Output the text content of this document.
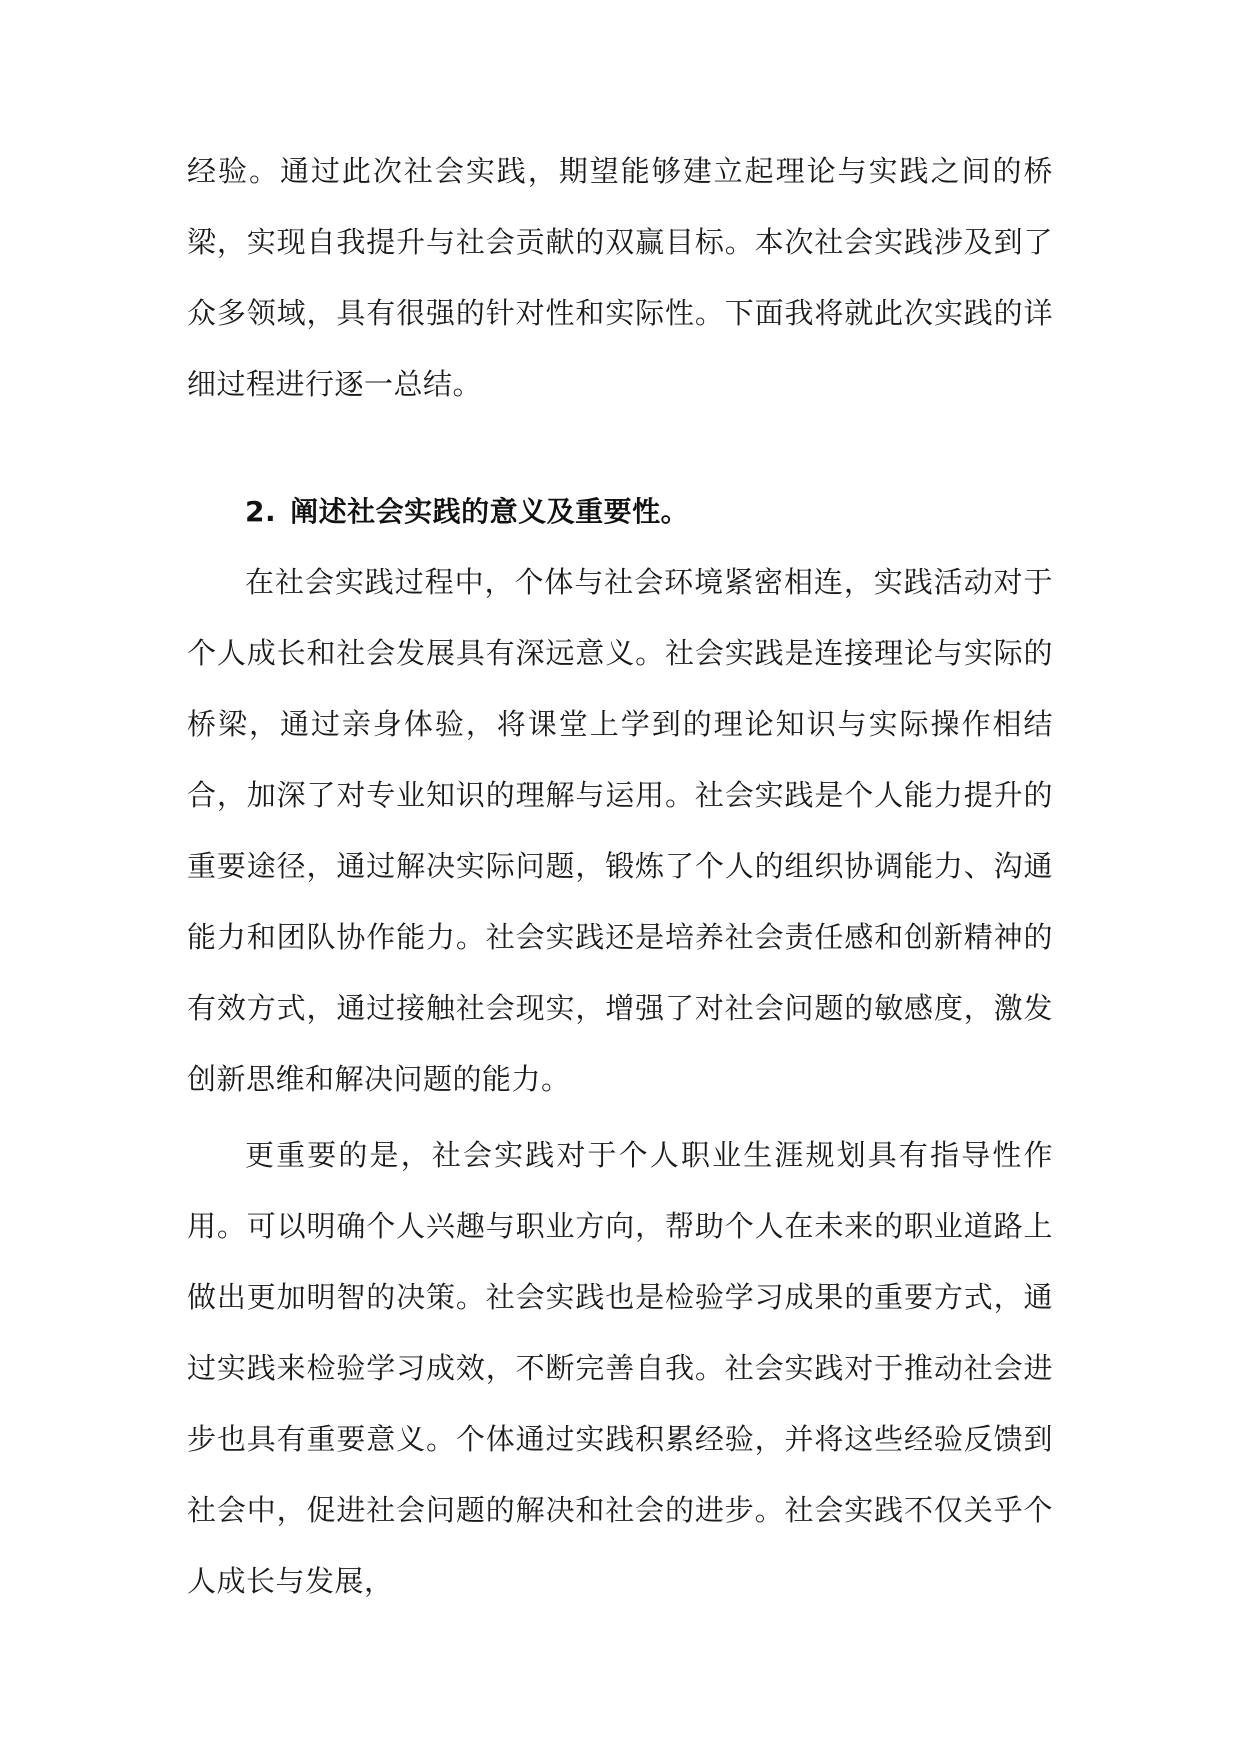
经验。通过此次社会实践，期望能够建立起理论与实践之间的桥梁，实现自我提升与社会贡献的双赢目标。本次社会实践涉及到了众多领域，具有很强的针对性和实际性。下面我将就此次实践的详细过程进行逐一总结。

2. 阐述社会实践的意义及重要性。

在社会实践过程中，个体与社会环境紧密相连，实践活动对于个人成长和社会发展具有深远意义。社会实践是连接理论与实际的桥梁，通过亲身体验，将课堂上学到的理论知识与实际操作相结合，加深了对专业知识的理解与运用。社会实践是个人能力提升的重要途径，通过解决实际问题，锻炼了个人的组织协调能力、沟通能力和团队协作能力。社会实践还是培养社会责任感和创新精神的有效方式，通过接触社会现实，增强了对社会问题的敏感度，激发创新思维和解决问题的能力。

更重要的是，社会实践对于个人职业生涯规划具有指导性作用。可以明确个人兴趣与职业方向，帮助个人在未来的职业道路上做出更加明智的决策。社会实践也是检验学习成果的重要方式，通过实践来检验学习成效，不断完善自我。社会实践对于推动社会进步也具有重要意义。个体通过实践积累经验，并将这些经验反馈到社会中，促进社会问题的解决和社会的进步。社会实践不仅关乎个人成长与发展，
